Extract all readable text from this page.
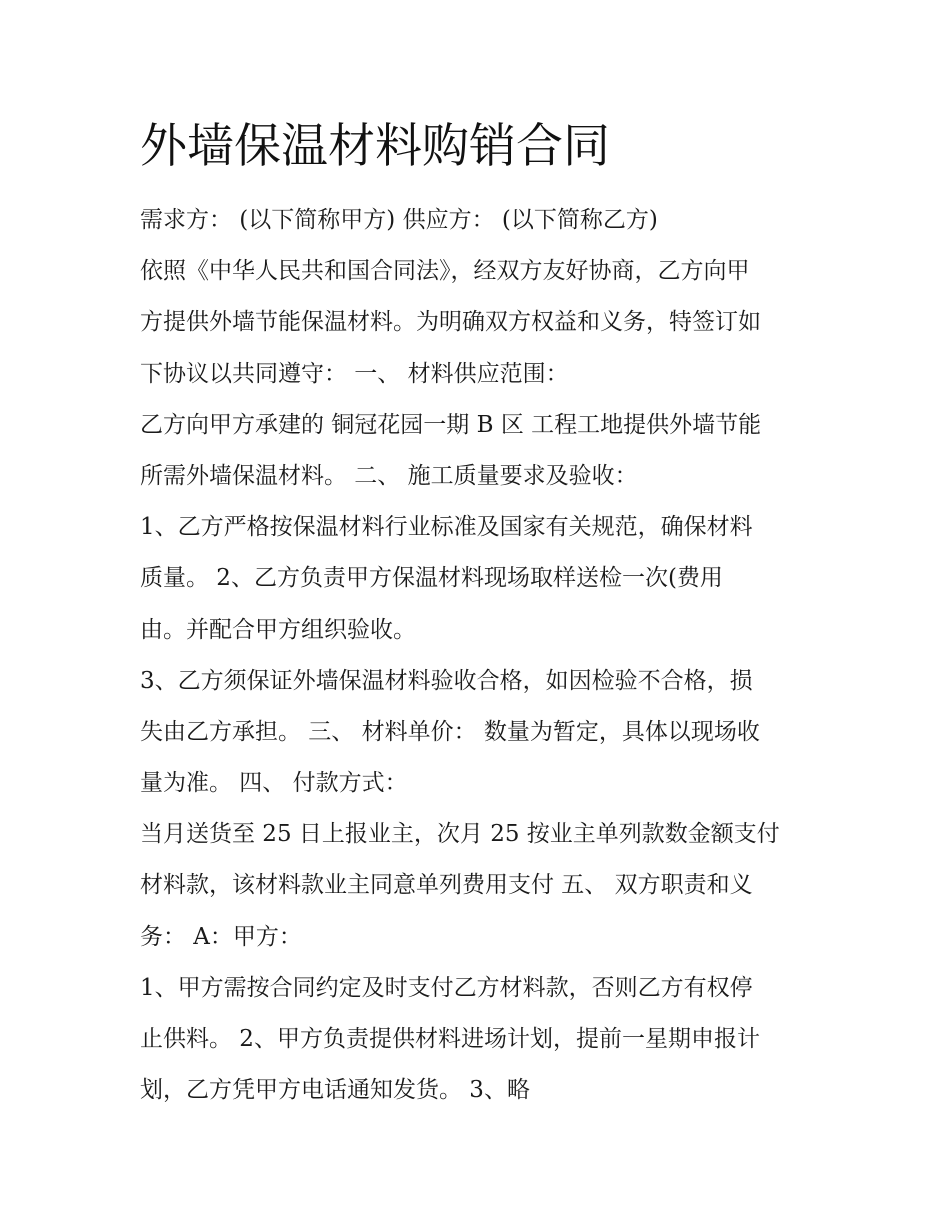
外墙保温材料购销合同

需求方： (以下简称甲方) 供应方： (以下简称乙方)

依照《中华人民共和国合同法》，经双方友好协商，乙方向甲

方提供外墙节能保温材料。为明确双方权益和义务，特签订如

下协议以共同遵守： 一、 材料供应范围：

乙方向甲方承建的 铜冠花园一期 B 区 工程工地提供外墙节能

所需外墙保温材料。 二、 施工质量要求及验收：

1、乙方严格按保温材料行业标准及国家有关规范，确保材料

质量。 2、乙方负责甲方保温材料现场取样送检一次(费用

由。并配合甲方组织验收。

3、乙方须保证外墙保温材料验收合格，如因检验不合格，损

失由乙方承担。 三、 材料单价： 数量为暂定，具体以现场收

量为准。 四、 付款方式：

当月送货至 25 日上报业主，次月 25 按业主单列款数金额支付

材料款，该材料款业主同意单列费用支付 五、 双方职责和义

务： A：甲方：

1、甲方需按合同约定及时支付乙方材料款，否则乙方有权停

止供料。 2、甲方负责提供材料进场计划，提前一星期申报计

划，乙方凭甲方电话通知发货。 3、略
